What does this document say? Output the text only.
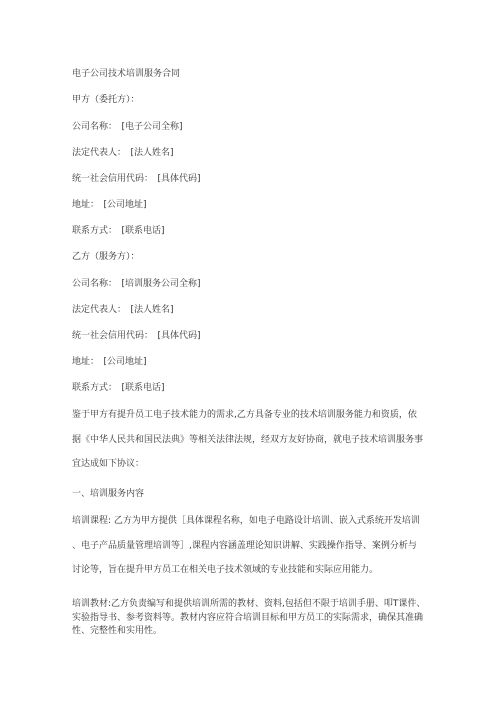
电子公司技术培训服务合同

甲方（委托方）：

公司名称：　[电子公司全称]

法定代表人：　[法人姓名]

统一社会信用代码：　[具体代码]

地址：　[公司地址]

联系方式：　[联系电话]

乙方（服务方）：

公司名称：　[培训服务公司全称]

法定代表人：　[法人姓名]

统一社会信用代码：　[具体代码]

地址：　[公司地址]

联系方式：　[联系电话]

鉴于甲方有提升员工电子技术能力的需求,乙方具备专业的技术培训服务能力和资质，依
据《中华人民共和国民法典》等相关法律法规，经双方友好协商，就电子技术培训服务事
宜达成如下协议：

一、培训服务内容

培训课程: 乙方为甲方提供［具体课程名称，如电子电路设计培训、嵌入式系统开发培训
、电子产品质量管理培训等］,课程内容涵盖理论知识讲解、实践操作指导、案例分析与
讨论等，旨在提升甲方员工在相关电子技术领域的专业技能和实际应用能力。
培训教材:乙方负责编写和提供培训所需的教材、资料,包括但不限于培训手册、叩T课件、
实验指导书、参考资料等。教材内容应符合培训目标和甲方员工的实际需求，确保其准确
性、完整性和实用性。
